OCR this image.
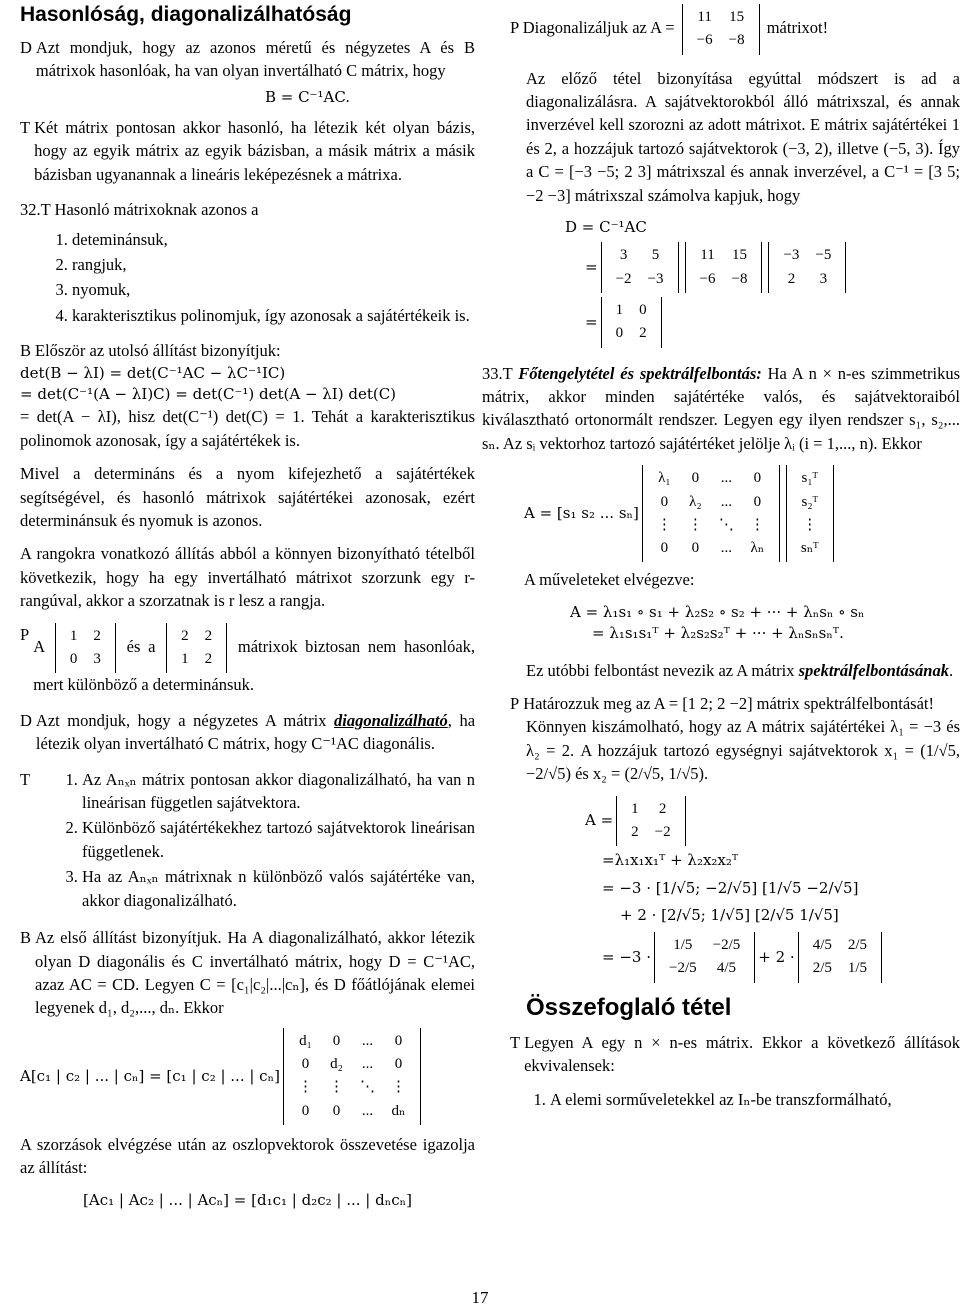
Hasonlóság, diagonalizálhatóság
D Azt mondjuk, hogy az azonos méretű és négyzetes A és B mátrixok hasonlóak, ha van olyan invertálható C mátrix, hogy
B = C⁻¹AC.
T Két mátrix pontosan akkor hasonló, ha létezik két olyan bázis, hogy az egyik mátrix az egyik bázisban, a másik mátrix a másik bázisban ugyanannak a lineáris leképezésnek a mátrixa.
32.T Hasonló mátrixoknak azonos a
1. deteminánsuk,
2. rangjuk,
3. nyomuk,
4. karakterisztikus polinomjuk, így azonosak a sajátértékeik is.
B Először az utolsó állítást bizonyítjuk:
det(B − λI) = det(C⁻¹AC − λC⁻¹IC)
= det(C⁻¹(A − λI)C) = det(C⁻¹) det(A − λI) det(C)
= det(A − λI), hisz det(C⁻¹) det(C) = 1. Tehát a karakterisztikus polinomok azonosak, így a sajátértékek is.

Mivel a determináns és a nyom kifejezhető a sajátértékek segítségével, és hasonló mátrixok sajátértékei azonosak, ezért determinánsuk és nyomuk is azonos.

A rangokra vonatkozó állítás abból a könnyen bizonyítható tételből következik, hogy ha egy invertálható mátrixot szorzunk egy r-rangúval, akkor a szorzatnak is r lesz a rangja.

P
A
1	2
0	3
és a
2	2
1	2
mátrixok biztosan nem hasonlóak, mert különböző a determinánsuk.
D Azt mondjuk, hogy a négyzetes A mátrix diagonalizálható, ha létezik olyan invertálható C mátrix, hogy C⁻¹AC diagonális.
T	1. Az Aₙₓₙ mátrix pontosan akkor diagonalizálható, ha van n lineárisan független sajátvektora.
2. Különböző sajátértékekhez tartozó sajátvektorok lineárisan függetlenek.
3. Ha az Aₙₓₙ mátrixnak n különböző valós sajátértéke van, akkor diagonalizálható.
B Az első állítást bizonyítjuk. Ha A diagonalizálható, akkor létezik olyan D diagonális és C invertálható mátrix, hogy D = C⁻¹AC, azaz AC = CD. Legyen C = [c₁|c₂|...|cₙ], és D főátlójának elemei legyenek d₁, d₂,..., dₙ. Ekkor
A[c₁ | c₂ | ... | cₙ] = [c₁ | c₂ | ... | cₙ]
d₁	0	...	0
0	d₂	...	0
⋮	⋮	⋱	⋮
0	0	...	dₙ

A szorzások elvégzése után az oszlopvektorok összevetése igazolja az állítást:

[Ac₁ | Ac₂ | ... | Acₙ] = [d₁c₁ | d₂c₂ | ... | dₙcₙ]
P Diagonalizáljuk az A =
11	15
−6	−8
mátrixot!

Az előző tétel bizonyítása egyúttal módszert is ad a diagonalizálásra. A sajátvektorokból álló mátrixszal, és annak inverzével kell szorozni az adott mátrixot. E mátrix sajátértékei 1 és 2, a hozzájuk tartozó sajátvektorok (−3, 2), illetve (−5, 3). Így a C = [−3 −5; 2 3] mátrixszal és annak inverzével, a C⁻¹ = [3 5; −2 −3] mátrixszal számolva kapjuk, hogy

D = C⁻¹AC
=
3	5
−2	−3
11	15
−6	−8
−3	−5
2	3
=
1	0
0	2
33.T Főtengelytétel és spektrálfelbontás: Ha A n × n-es szimmetrikus mátrix, akkor minden sajátértéke valós, és sajátvektoraiból kiválasztható ortonormált rendszer. Legyen egy ilyen rendszer s₁, s₂,... sₙ. Az sᵢ vektorhoz tartozó sajátértéket jelölje λᵢ (i = 1,..., n). Ekkor
A = [s₁ s₂ ... sₙ]
λ₁	0	...	0
0	λ₂	...	0
⋮	⋮	⋱	⋮
0	0	...	λₙ
s₁ᵀ
s₂ᵀ
⋮
sₙᵀ

A műveleteket elvégezve:

A = λ₁s₁ ∘ s₁ + λ₂s₂ ∘ s₂ + ··· + λₙsₙ ∘ sₙ
= λ₁s₁s₁ᵀ + λ₂s₂s₂ᵀ + ··· + λₙsₙsₙᵀ.

Ez utóbbi felbontást nevezik az A mátrix spektrálfelbontásának.

P Határozzuk meg az A = [1 2; 2 −2] mátrix spektrálfelbontását!

Könnyen kiszámolható, hogy az A mátrix sajátértékei λ₁ = −3 és λ₂ = 2. A hozzájuk tartozó egységnyi sajátvektorok x₁ = (1/√5, −2/√5) és x₂ = (2/√5, 1/√5).

A =
1	2
2	−2
=λ₁x₁x₁ᵀ + λ₂x₂x₂ᵀ
= −3 · [1/√5; −2/√5] [1/√5 −2/√5]
+ 2 · [2/√5; 1/√5] [2/√5 1/√5]
= −3 ·
1/5	−2/5
−2/5	4/5
+ 2 ·
4/5	2/5
2/5	1/5
Összefoglaló tétel
T Legyen A egy n × n-es mátrix. Ekkor a következő állítások ekvivalensek:
1. A elemi sorműveletekkel az Iₙ-be transzformálható,
17
